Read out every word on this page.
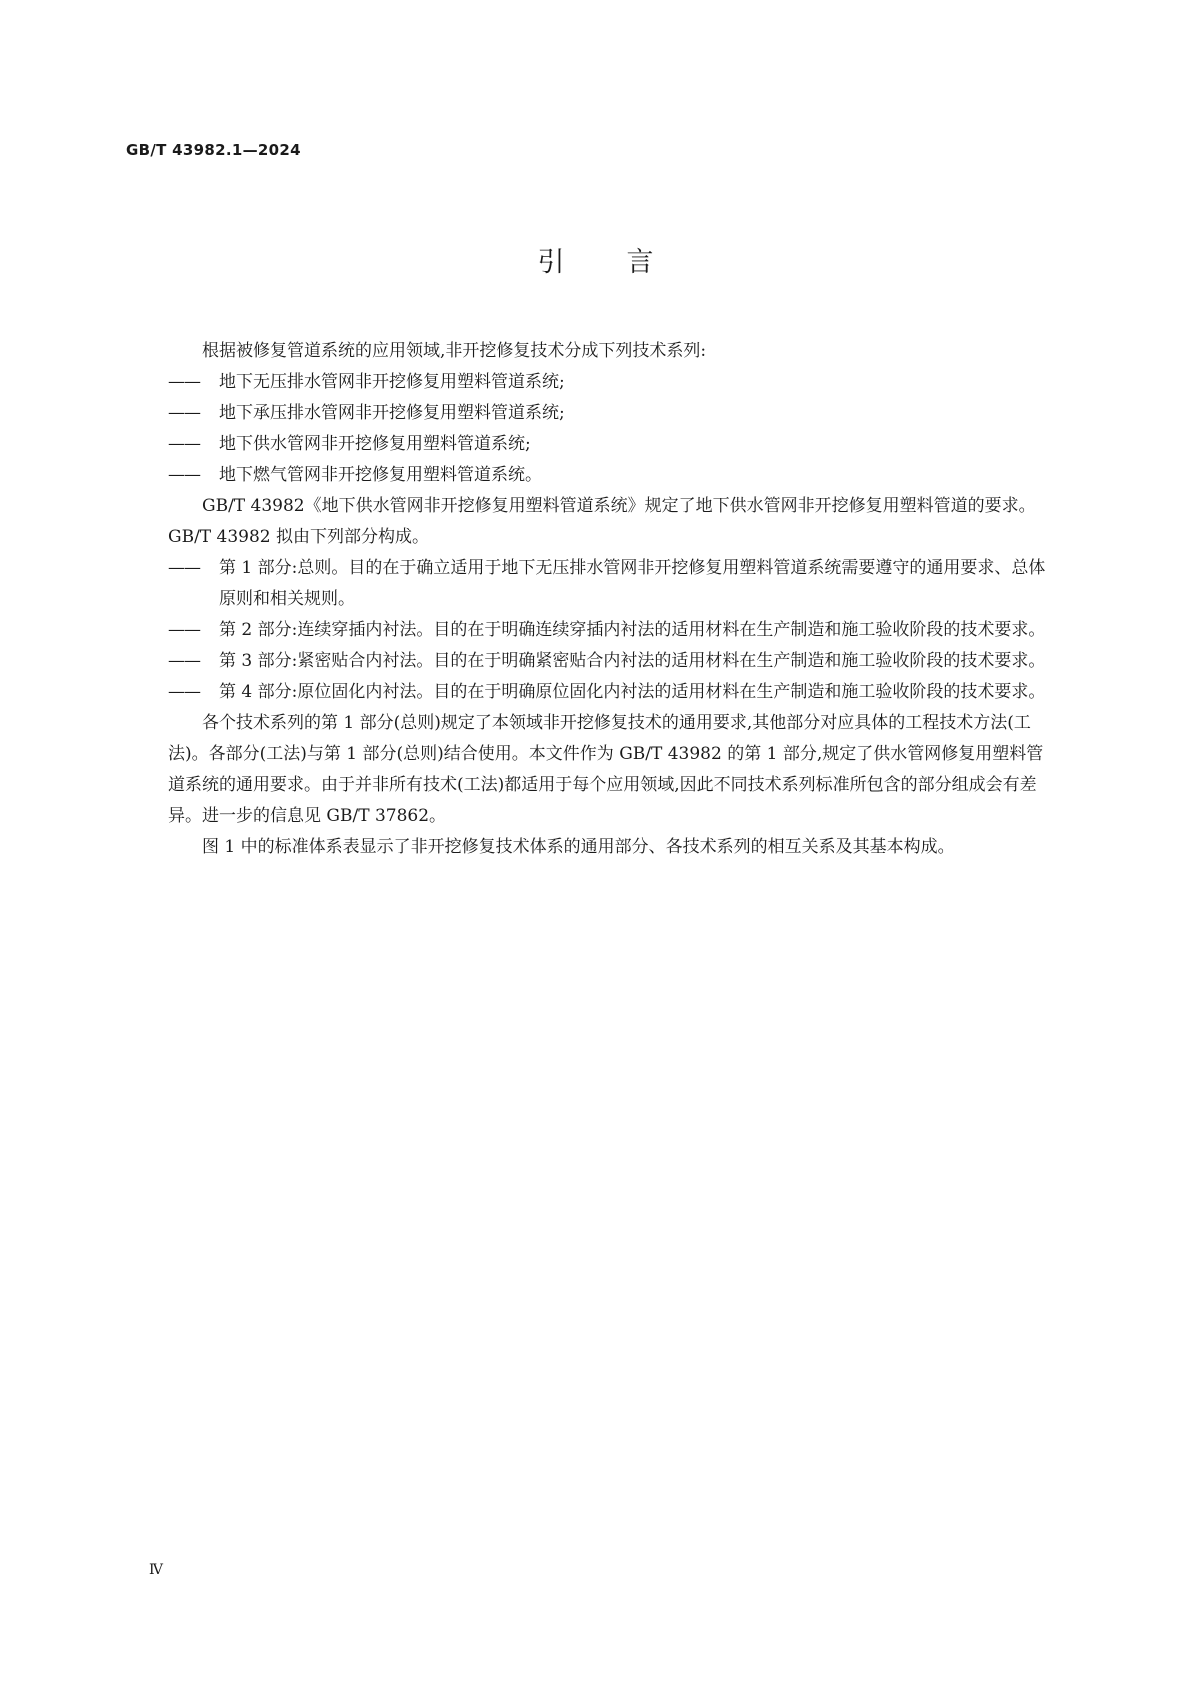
GB/T 43982.1—2024
引言

根据被修复管道系统的应用领域,非开挖修复技术分成下列技术系列:

—— 地下无压排水管网非开挖修复用塑料管道系统;

—— 地下承压排水管网非开挖修复用塑料管道系统;

—— 地下供水管网非开挖修复用塑料管道系统;

—— 地下燃气管网非开挖修复用塑料管道系统。

GB/T 43982《地下供水管网非开挖修复用塑料管道系统》规定了地下供水管网非开挖修复用塑料管道的要求。GB/T 43982 拟由下列部分构成。

—— 第 1 部分:总则。目的在于确立适用于地下无压排水管网非开挖修复用塑料管道系统需要遵守的通用要求、总体原则和相关规则。

—— 第 2 部分:连续穿插内衬法。目的在于明确连续穿插内衬法的适用材料在生产制造和施工验收阶段的技术要求。

—— 第 3 部分:紧密贴合内衬法。目的在于明确紧密贴合内衬法的适用材料在生产制造和施工验收阶段的技术要求。

—— 第 4 部分:原位固化内衬法。目的在于明确原位固化内衬法的适用材料在生产制造和施工验收阶段的技术要求。

各个技术系列的第 1 部分(总则)规定了本领域非开挖修复技术的通用要求,其他部分对应具体的工程技术方法(工法)。各部分(工法)与第 1 部分(总则)结合使用。本文件作为 GB/T 43982 的第 1 部分,规定了供水管网修复用塑料管道系统的通用要求。由于并非所有技术(工法)都适用于每个应用领域,因此不同技术系列标准所包含的部分组成会有差异。进一步的信息见 GB/T 37862。

图 1 中的标准体系表显示了非开挖修复技术体系的通用部分、各技术系列的相互关系及其基本构成。

Ⅳ
